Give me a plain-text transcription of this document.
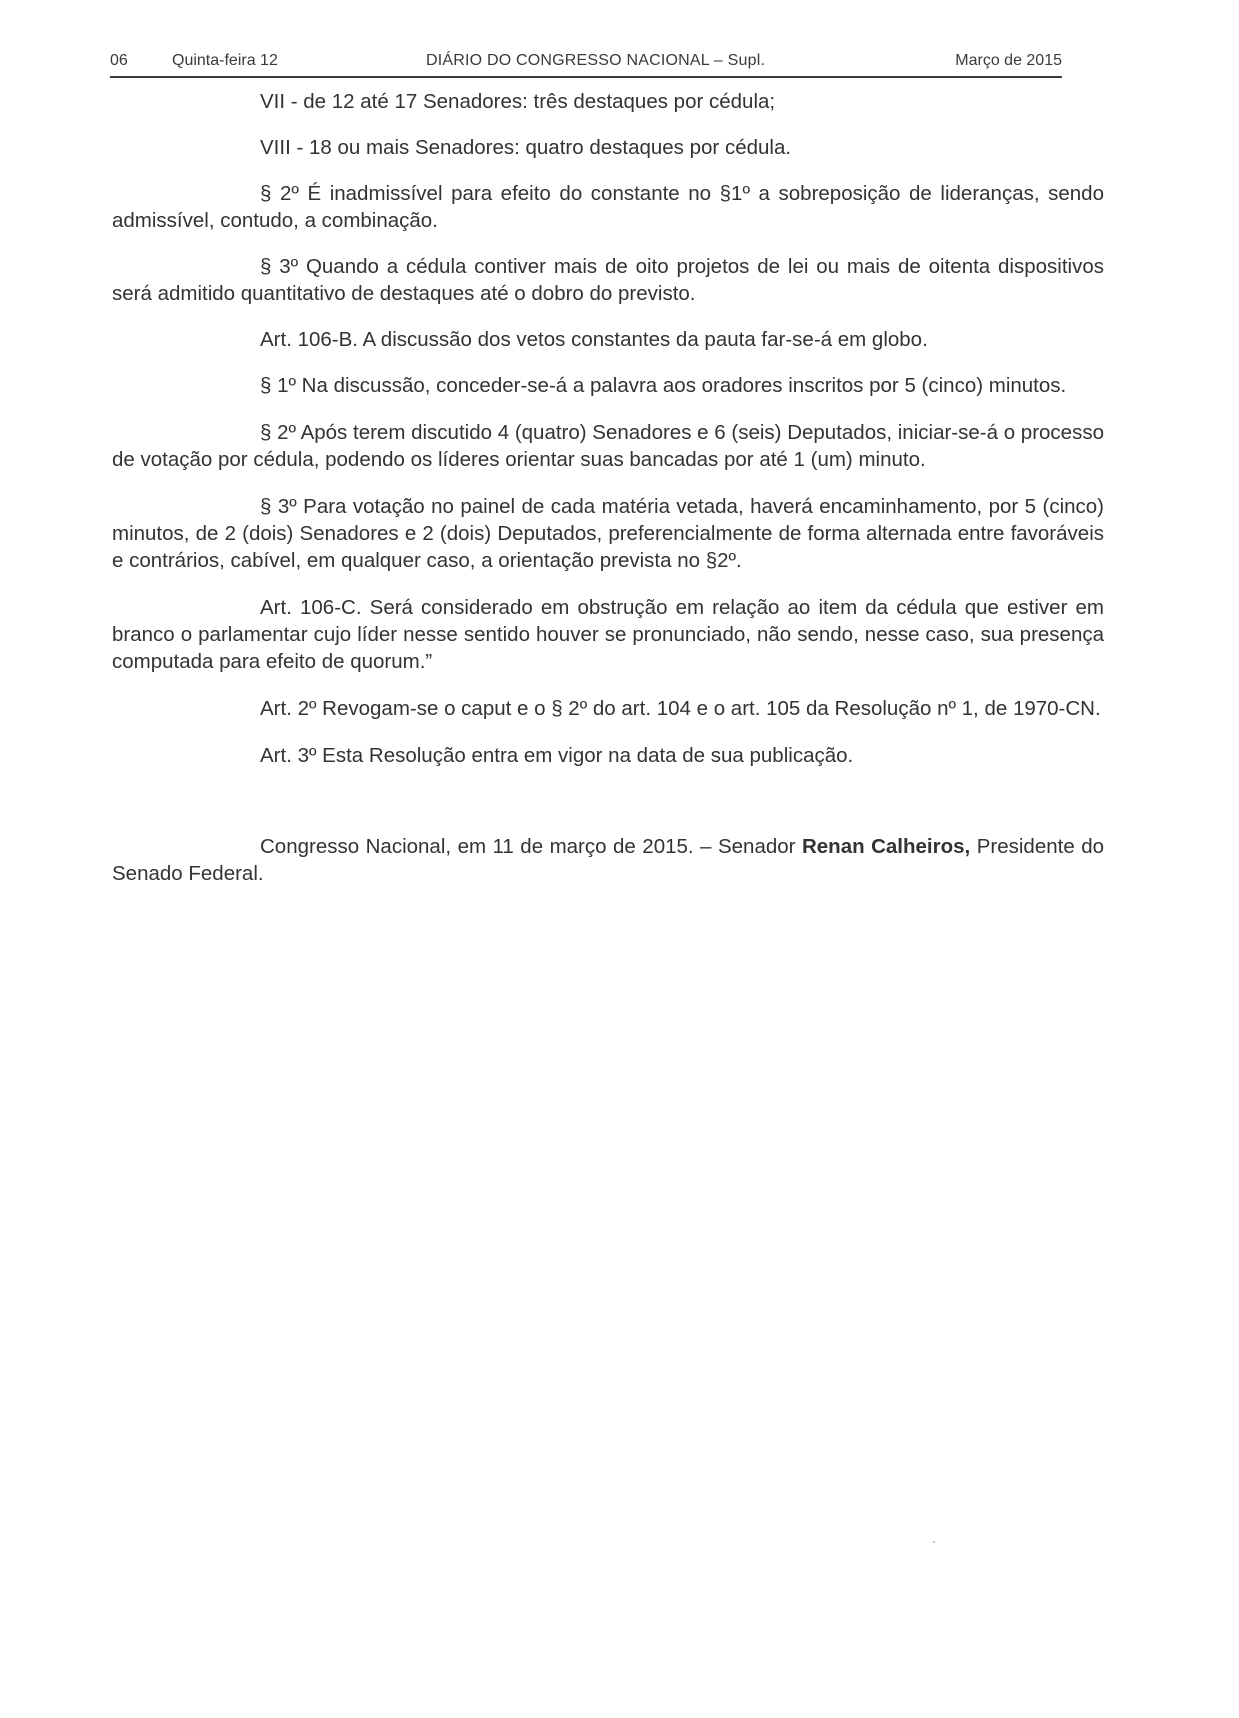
06	Quinta-feira 12	DIÁRIO DO CONGRESSO NACIONAL – Supl.	Março de 2015

VII - de 12 até 17 Senadores: três destaques por cédula;

VIII - 18 ou mais Senadores: quatro destaques por cédula.

§ 2º É inadmissível para efeito do constante no §1º a sobreposição de lideranças, sendo admissível, contudo, a combinação.

§ 3º Quando a cédula contiver mais de oito projetos de lei ou mais de oitenta dispositivos será admitido quantitativo de destaques até o dobro do previsto.

Art. 106-B. A discussão dos vetos constantes da pauta far-se-á em globo.

§ 1º Na discussão, conceder-se-á a palavra aos oradores inscritos por 5 (cinco) minutos.

§ 2º Após terem discutido 4 (quatro) Senadores e 6 (seis) Deputados, iniciar-se-á o processo de votação por cédula, podendo os líderes orientar suas bancadas por até 1 (um) minuto.

§ 3º Para votação no painel de cada matéria vetada, haverá encaminhamento, por 5 (cinco) minutos, de 2 (dois) Senadores e 2 (dois) Deputados, preferencialmente de forma alternada entre favoráveis e contrários, cabível, em qualquer caso, a orientação prevista no §2º.

Art. 106-C. Será considerado em obstrução em relação ao item da cédula que estiver em branco o parlamentar cujo líder nesse sentido houver se pronunciado, não sendo, nesse caso, sua presença computada para efeito de quorum.”

Art. 2º Revogam-se o caput e o § 2º do art. 104 e o art. 105 da Resolução nº 1, de 1970-CN.

Art. 3º Esta Resolução entra em vigor na data de sua publicação.

Congresso Nacional, em 11 de março de 2015. – Senador Renan Calheiros, Presidente do Senado Federal.
